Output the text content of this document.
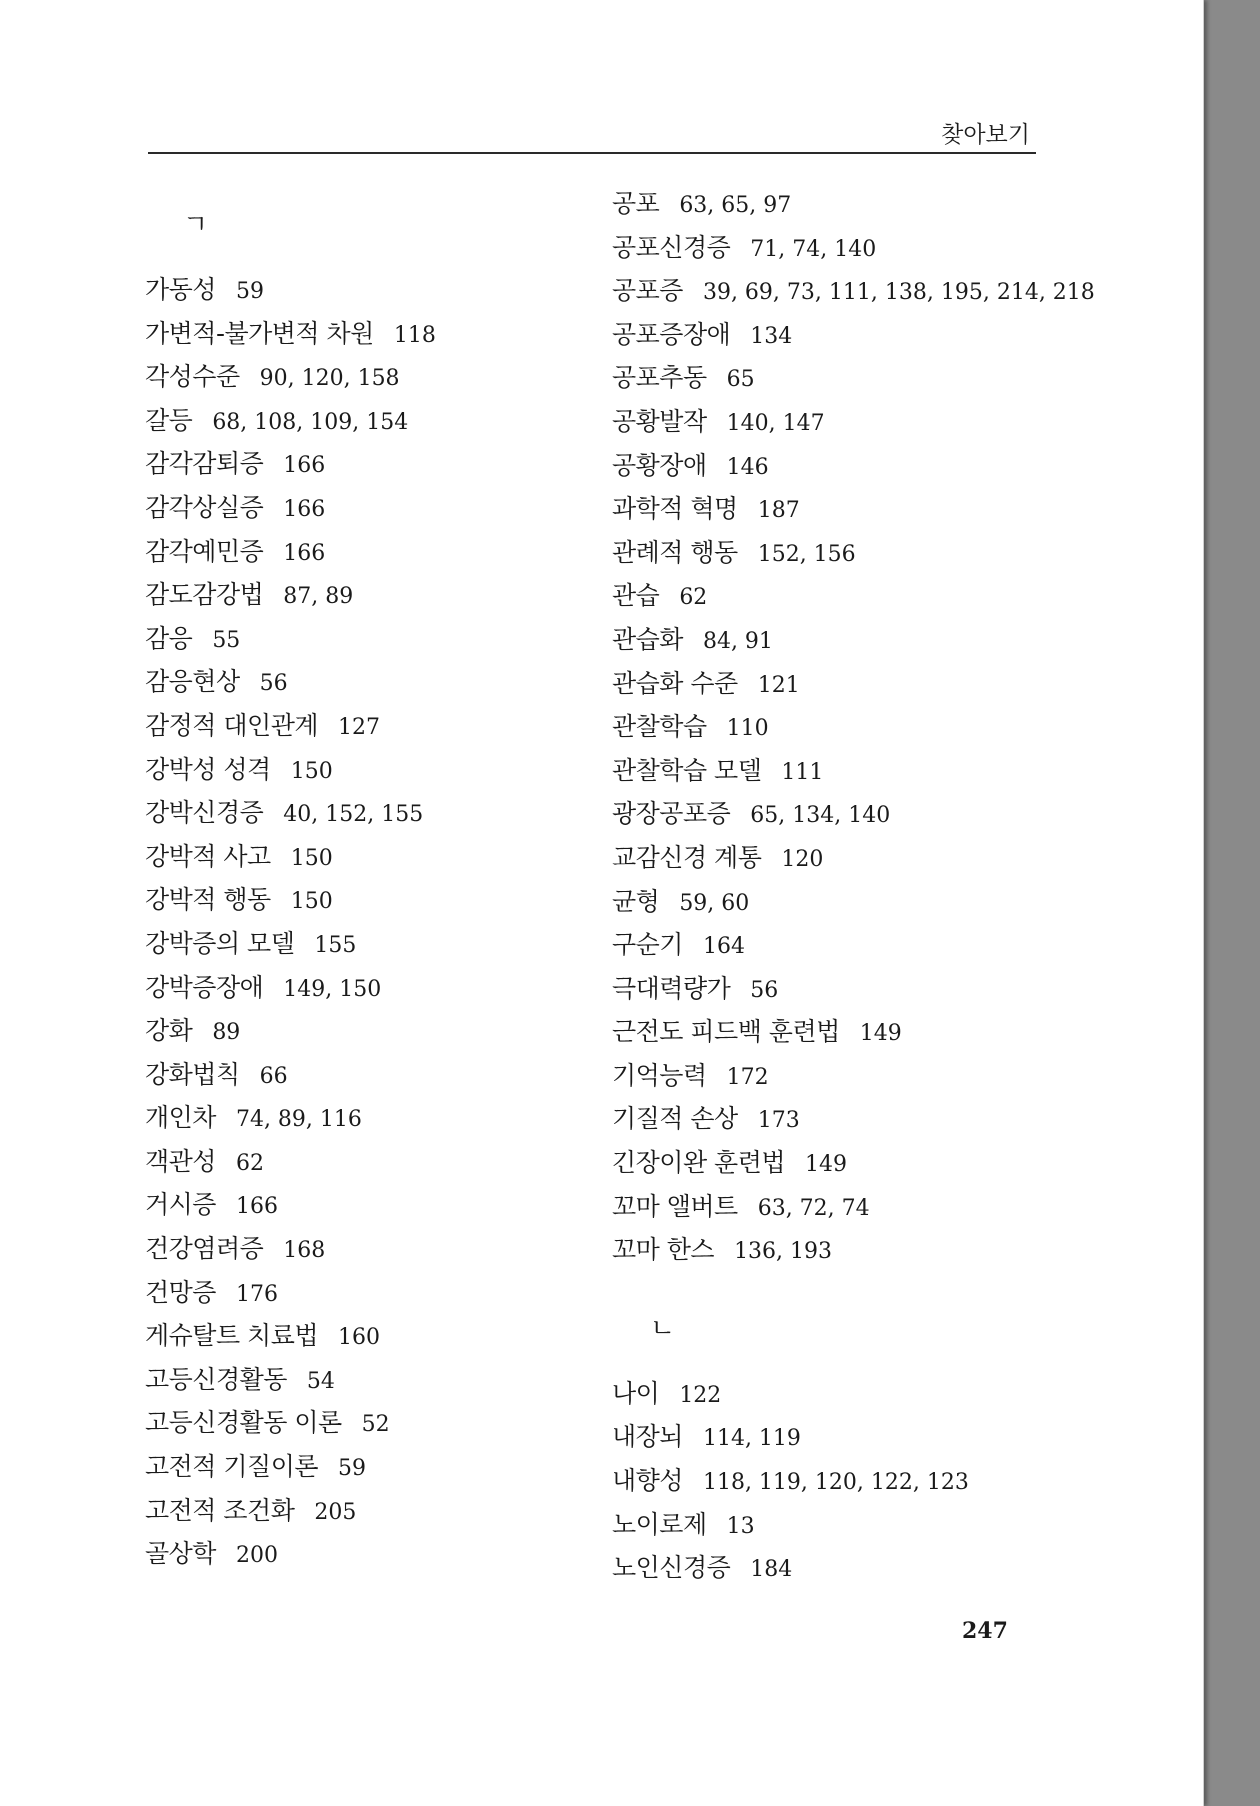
찾아보기
ㄱ
가동성 59
가변적-불가변적 차원 118
각성수준 90, 120, 158
갈등 68, 108, 109, 154
감각감퇴증 166
감각상실증 166
감각예민증 166
감도감강법 87, 89
감응 55
감응현상 56
감정적 대인관계 127
강박성 성격 150
강박신경증 40, 152, 155
강박적 사고 150
강박적 행동 150
강박증의 모델 155
강박증장애 149, 150
강화 89
강화법칙 66
개인차 74, 89, 116
객관성 62
거시증 166
건강염려증 168
건망증 176
게슈탈트 치료법 160
고등신경활동 54
고등신경활동 이론 52
고전적 기질이론 59
고전적 조건화 205
골상학 200
공포 63, 65, 97
공포신경증 71, 74, 140
공포증 39, 69, 73, 111, 138, 195, 214, 218
공포증장애 134
공포추동 65
공황발작 140, 147
공황장애 146
과학적 혁명 187
관례적 행동 152, 156
관습 62
관습화 84, 91
관습화 수준 121
관찰학습 110
관찰학습 모델 111
광장공포증 65, 134, 140
교감신경 계통 120
균형 59, 60
구순기 164
극대력량가 56
근전도 피드백 훈련법 149
기억능력 172
기질적 손상 173
긴장이완 훈련법 149
꼬마 앨버트 63, 72, 74
꼬마 한스 136, 193
ㄴ
나이 122
내장뇌 114, 119
내향성 118, 119, 120, 122, 123
노이로제 13
노인신경증 184
247
